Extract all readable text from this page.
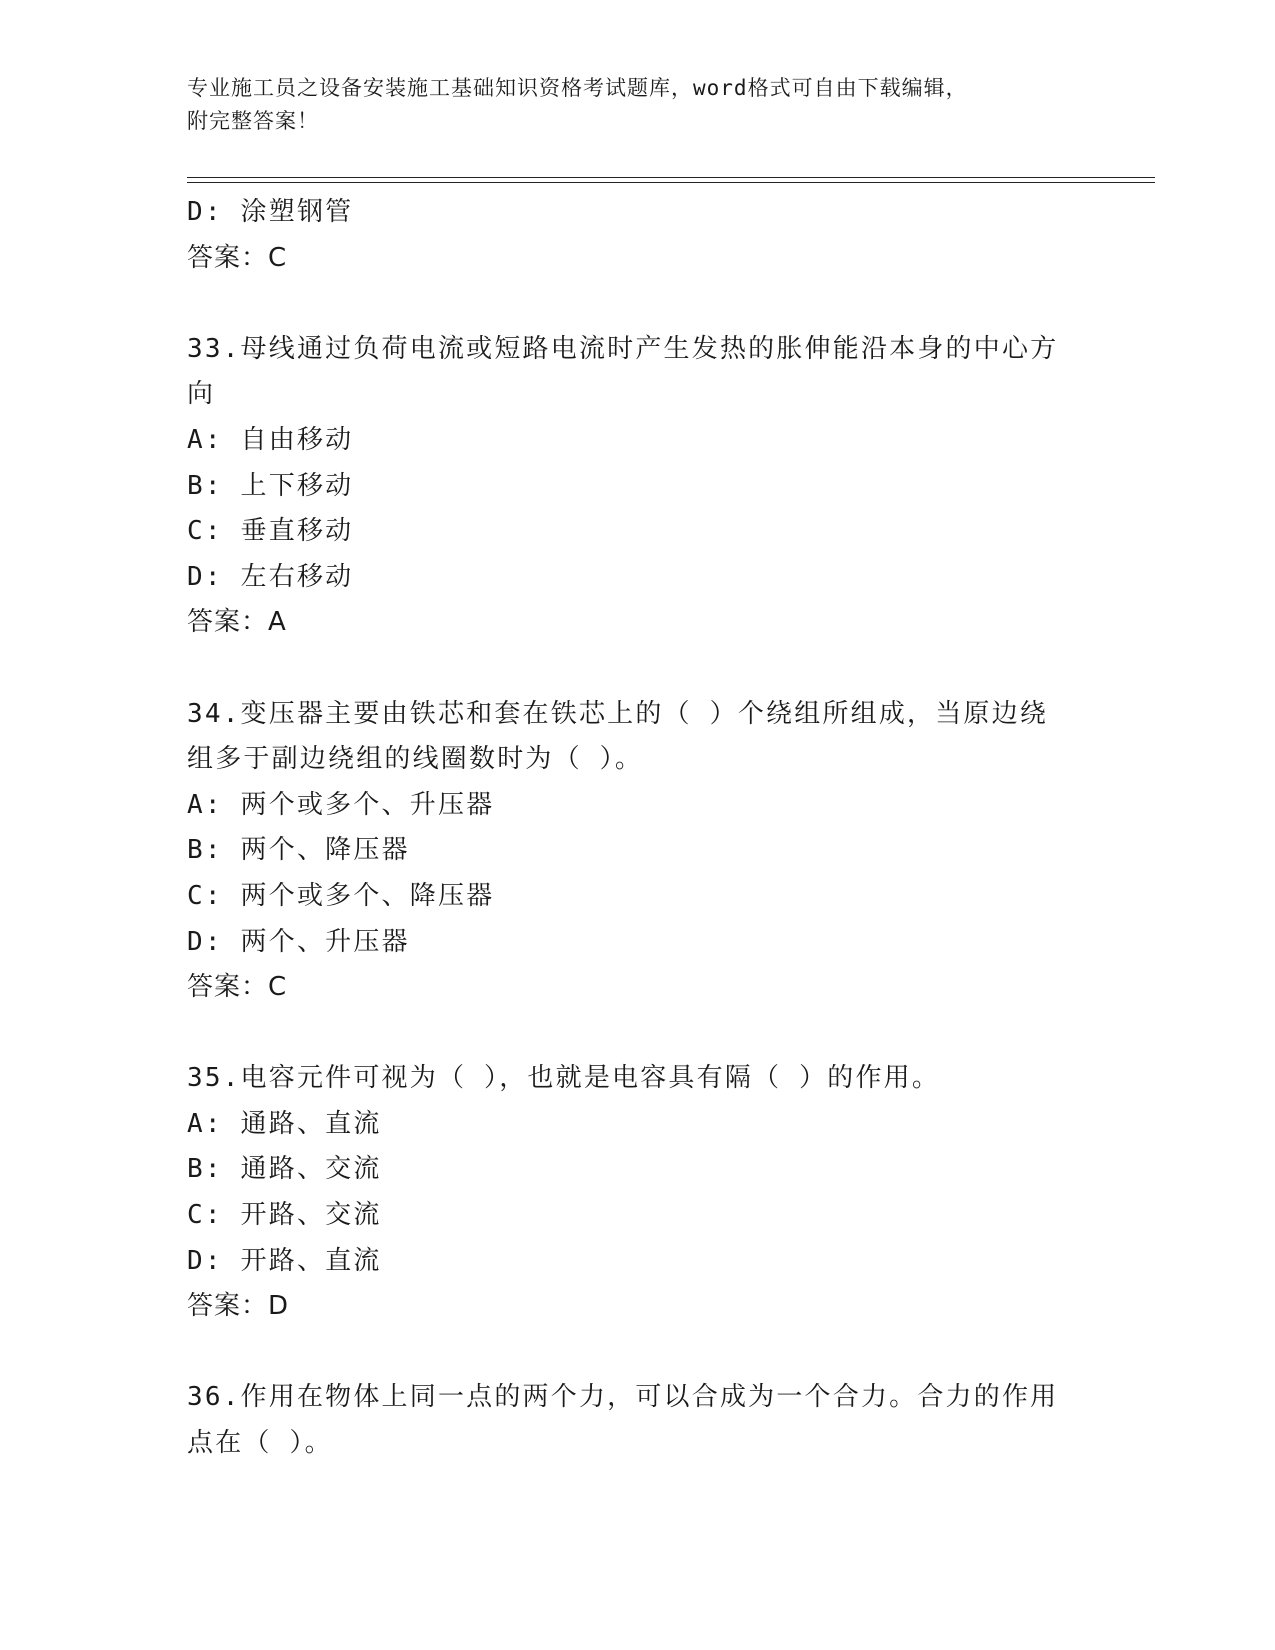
专业施工员之设备安装施工基础知识资格考试题库，word格式可自由下载编辑，
附完整答案！
D: 涂塑钢管
答案：C
33.母线通过负荷电流或短路电流时产生发热的胀伸能沿本身的中心方
向
A: 自由移动
B: 上下移动
C: 垂直移动
D: 左右移动
答案：A
34.变压器主要由铁芯和套在铁芯上的（ ）个绕组所组成，当原边绕
组多于副边绕组的线圈数时为（ ）。
A: 两个或多个、升压器
B: 两个、降压器
C: 两个或多个、降压器
D: 两个、升压器
答案：C
35.电容元件可视为（ ），也就是电容具有隔（ ）的作用。
A: 通路、直流
B: 通路、交流
C: 开路、交流
D: 开路、直流
答案：D
36.作用在物体上同一点的两个力，可以合成为一个合力。合力的作用
点在（ ）。
